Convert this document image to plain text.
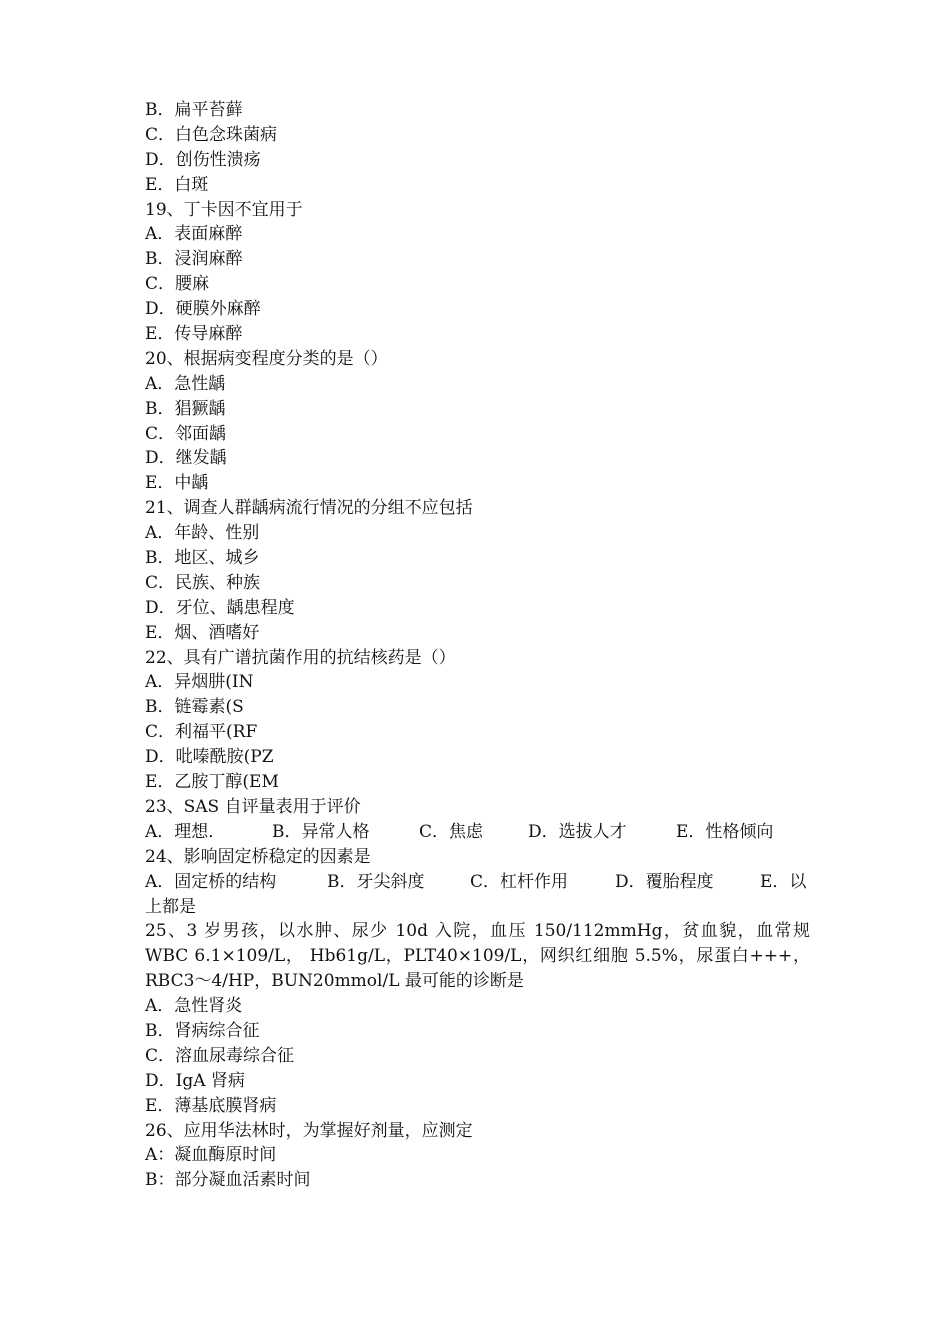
B．扁平苔藓
C．白色念珠菌病
D．创伤性溃疡
E．白斑
19、丁卡因不宜用于
A．表面麻醉
B．浸润麻醉
C．腰麻
D．硬膜外麻醉
E．传导麻醉
20、根据病变程度分类的是（）
A．急性龋
B．猖獗龋
C．邻面龋
D．继发龋
E．中龋
21、调查人群龋病流行情况的分组不应包括
A．年龄、性别
B．地区、城乡
C．民族、种族
D．牙位、龋患程度
E．烟、酒嗜好
22、具有广谱抗菌作用的抗结核药是（）
A．异烟肼(IN
B．链霉素(S
C．利福平(RF
D．吡嗪酰胺(PZ
E．乙胺丁醇(EM
23、SAS 自评量表用于评价
A．理想．	B．异常人格	C．焦虑	D．选拔人才	E．性格倾向
24、影响固定桥稳定的因素是
A．固定桥的结构	B．牙尖斜度	C．杠杆作用	D．覆胎程度	E．以
上都是
25、3 岁男孩，以水肿、尿少 10d 入院，血压 150/112mmHg，贫血貌，血常规
WBC 6.1×109/L， Hb61g/L，PLT40×109/L，网织红细胞 5.5%，尿蛋白+++，
RBC3～4/HP，BUN20mmol/L 最可能的诊断是
A．急性肾炎
B．肾病综合征
C．溶血尿毒综合征
D．IgA 肾病
E．薄基底膜肾病
26、应用华法林时，为掌握好剂量，应测定
A：凝血酶原时间
B：部分凝血活素时间
